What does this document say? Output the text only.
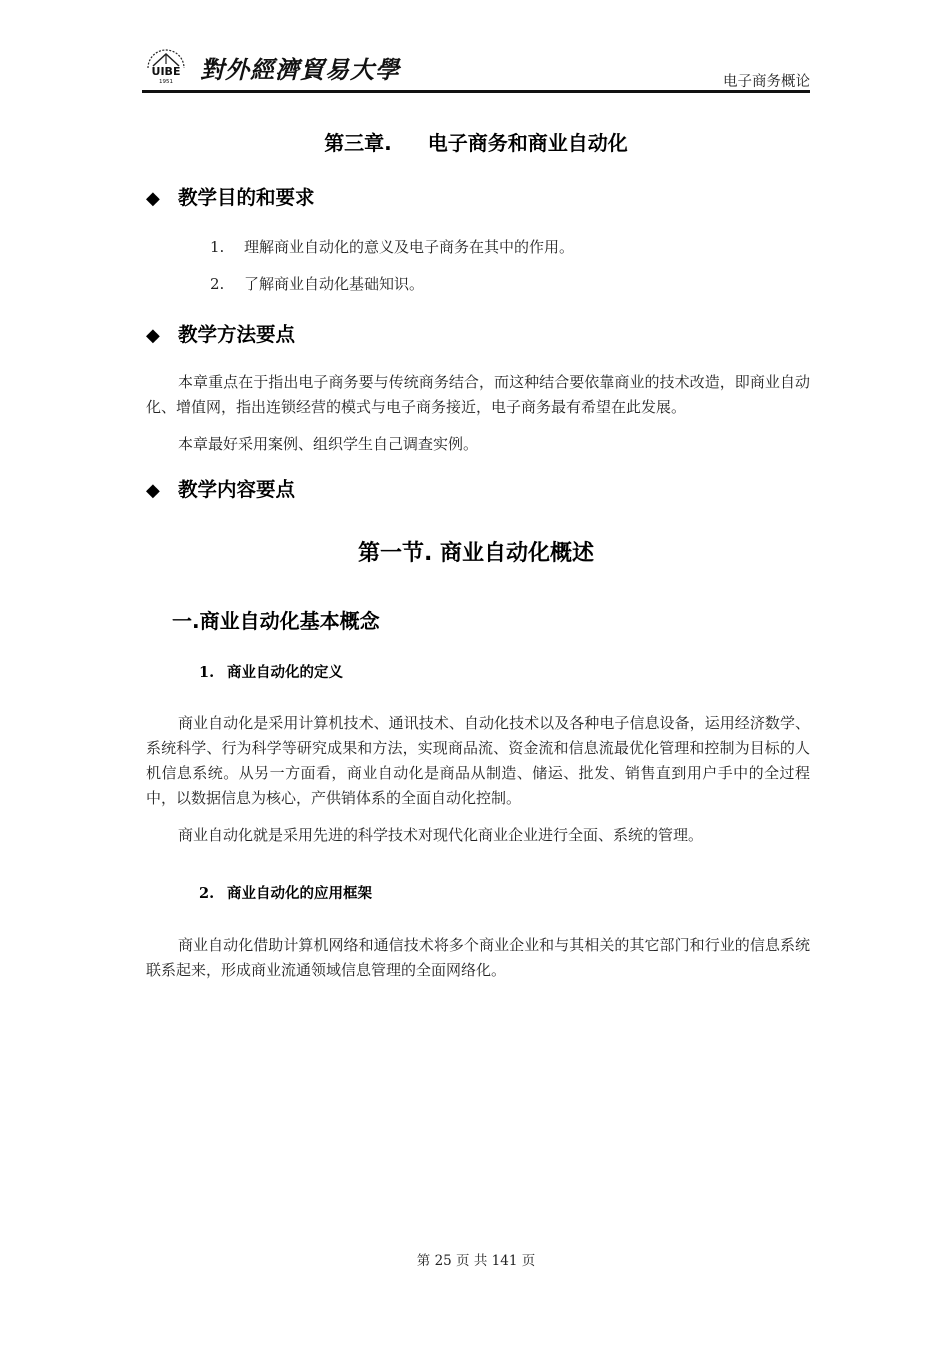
UIBE
1951 對外經濟貿易大學	电子商务概论
第三章. 电子商务和商业自动化
◆ 教学目的和要求
1. 理解商业自动化的意义及电子商务在其中的作用。
2. 了解商业自动化基础知识。
◆ 教学方法要点
本章重点在于指出电子商务要与传统商务结合，而这种结合要依靠商业的技术改造，即商业自动化、增值网，指出连锁经营的模式与电子商务接近，电子商务最有希望在此发展。
本章最好采用案例、组织学生自己调查实例。
◆ 教学内容要点
第一节. 商业自动化概述
一.商业自动化基本概念
1. 商业自动化的定义
商业自动化是采用计算机技术、通讯技术、自动化技术以及各种电子信息设备，运用经济数学、系统科学、行为科学等研究成果和方法，实现商品流、资金流和信息流最优化管理和控制为目标的人机信息系统。从另一方面看，商业自动化是商品从制造、储运、批发、销售直到用户手中的全过程中，以数据信息为核心，产供销体系的全面自动化控制。
商业自动化就是采用先进的科学技术对现代化商业企业进行全面、系统的管理。
2. 商业自动化的应用框架
商业自动化借助计算机网络和通信技术将多个商业企业和与其相关的其它部门和行业的信息系统联系起来，形成商业流通领域信息管理的全面网络化。
第 25 页 共 141 页
